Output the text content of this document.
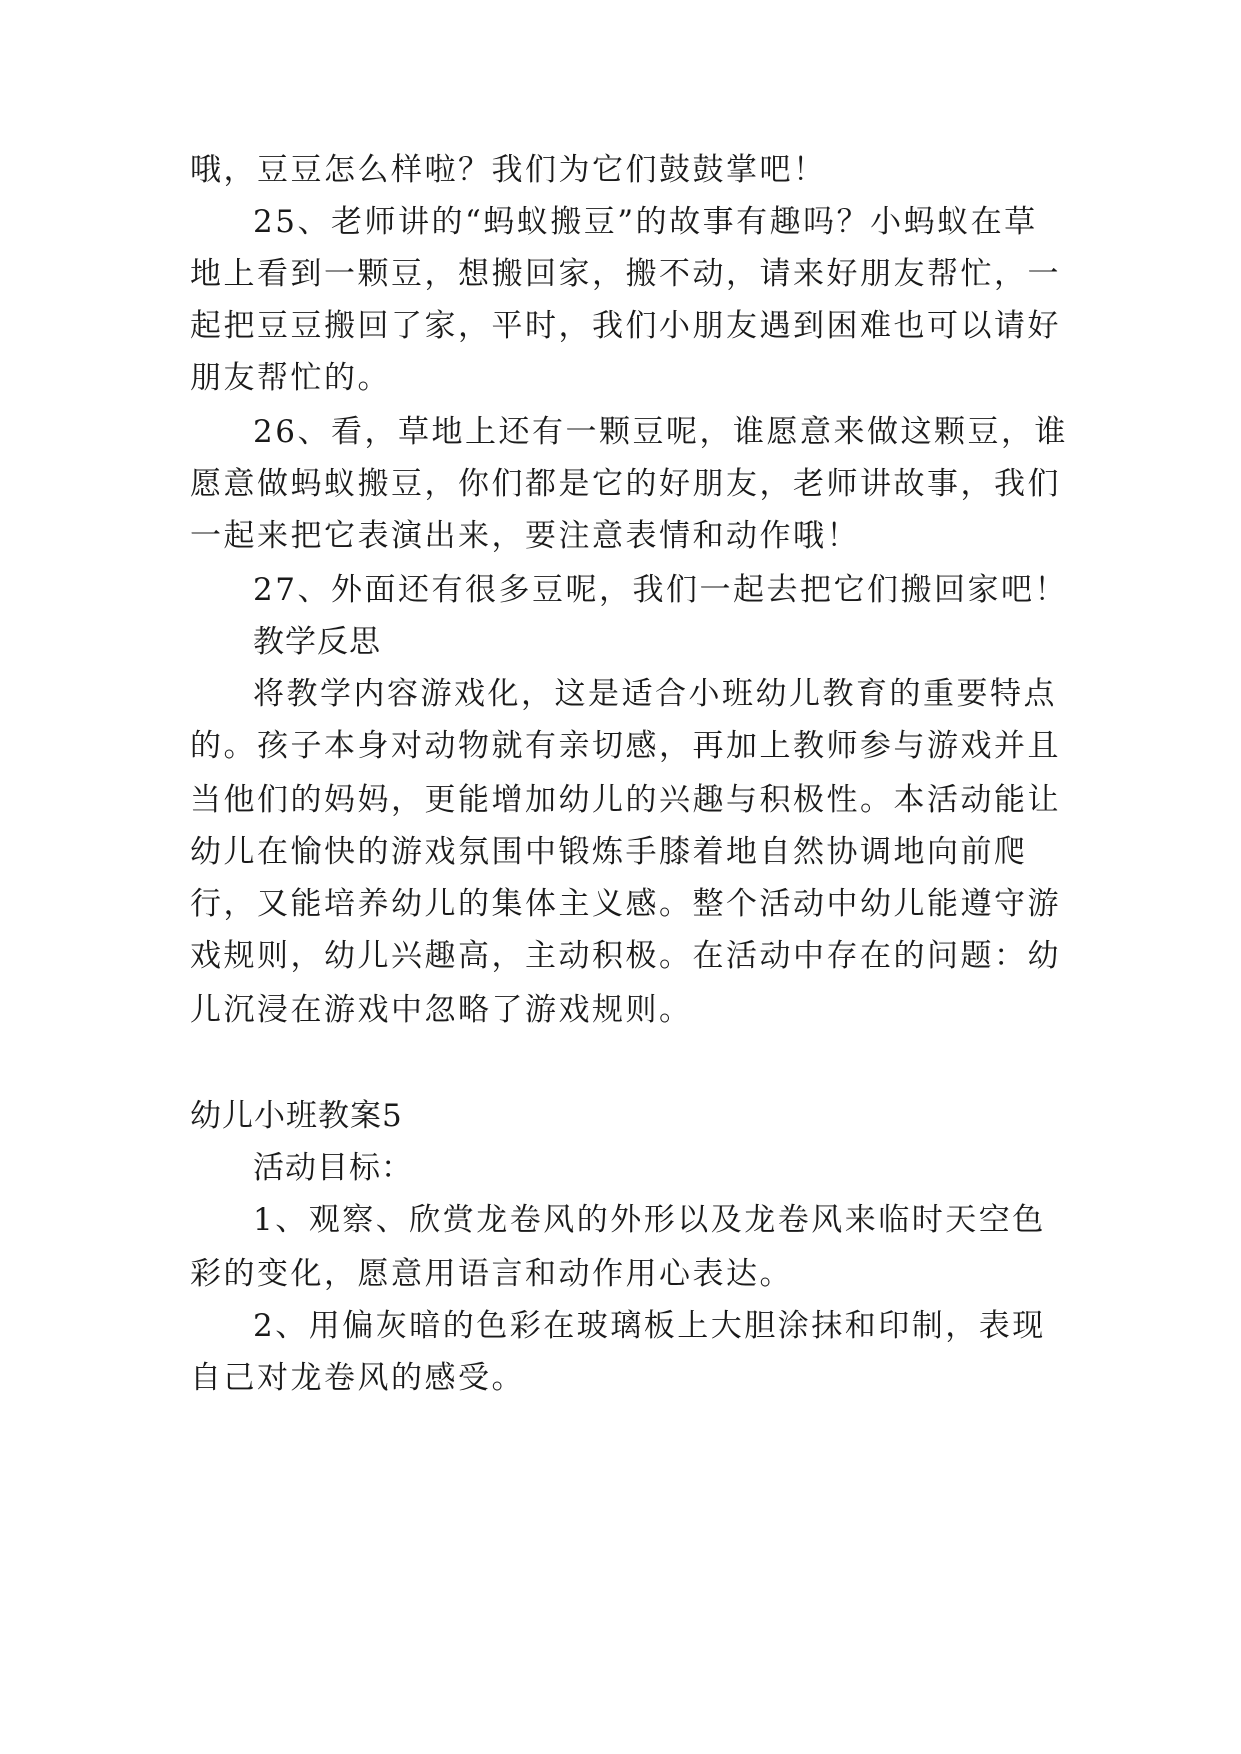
哦，豆豆怎么样啦？我们为它们鼓鼓掌吧！
25、老师讲的“蚂蚁搬豆”的故事有趣吗？小蚂蚁在草
地上看到一颗豆，想搬回家，搬不动，请来好朋友帮忙，一
起把豆豆搬回了家，平时，我们小朋友遇到困难也可以请好
朋友帮忙的。
26、看，草地上还有一颗豆呢，谁愿意来做这颗豆，谁
愿意做蚂蚁搬豆，你们都是它的好朋友，老师讲故事，我们
一起来把它表演出来，要注意表情和动作哦！
27、外面还有很多豆呢，我们一起去把它们搬回家吧！
教学反思
将教学内容游戏化，这是适合小班幼儿教育的重要特点
的。孩子本身对动物就有亲切感，再加上教师参与游戏并且
当他们的妈妈，更能增加幼儿的兴趣与积极性。本活动能让
幼儿在愉快的游戏氛围中锻炼手膝着地自然协调地向前爬
行，又能培养幼儿的集体主义感。整个活动中幼儿能遵守游
戏规则，幼儿兴趣高，主动积极。在活动中存在的问题：幼
儿沉浸在游戏中忽略了游戏规则。
幼儿小班教案5
活动目标：
1、观察、欣赏龙卷风的外形以及龙卷风来临时天空色
彩的变化，愿意用语言和动作用心表达。
2、用偏灰暗的色彩在玻璃板上大胆涂抹和印制，表现
自己对龙卷风的感受。
